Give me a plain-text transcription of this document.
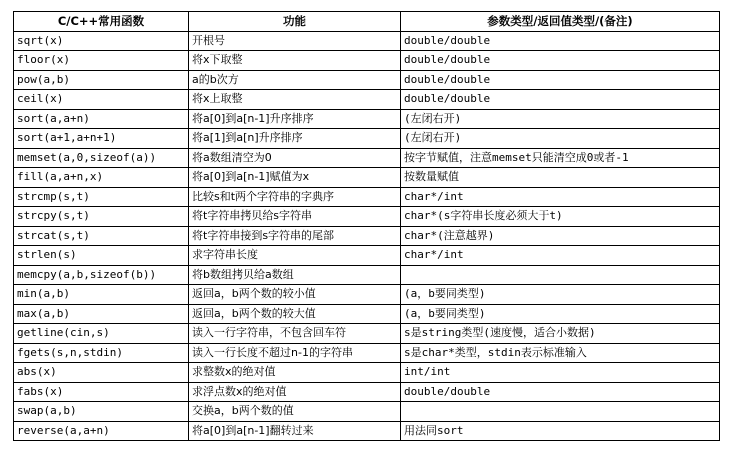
C/C++常用函数	功能	参数类型/返回值类型/(备注)
sqrt(x)	开根号	double/double
floor(x)	将x下取整	double/double
pow(a,b)	a的b次方	double/double
ceil(x)	将x上取整	double/double
sort(a,a+n)	将a[0]到a[n-1]升序排序	(左闭右开)
sort(a+1,a+n+1)	将a[1]到a[n]升序排序	(左闭右开)
memset(a,0,sizeof(a))	将a数组清空为0	按字节赋值，注意memset只能清空成0或者-1
fill(a,a+n,x)	将a[0]到a[n-1]赋值为x	按数量赋值
strcmp(s,t)	比较s和t两个字符串的字典序	char*/int
strcpy(s,t)	将t字符串拷贝给s字符串	char*(s字符串长度必须大于t)
strcat(s,t)	将t字符串接到s字符串的尾部	char*(注意越界)
strlen(s)	求字符串长度	char*/int
memcpy(a,b,sizeof(b))	将b数组拷贝给a数组	
min(a,b)	返回a，b两个数的较小值	(a，b要同类型)
max(a,b)	返回a，b两个数的较大值	(a，b要同类型)
getline(cin,s)	读入一行字符串，不包含回车符	s是string类型(速度慢，适合小数据)
fgets(s,n,stdin)	读入一行长度不超过n-1的字符串	s是char*类型，stdin表示标准输入
abs(x)	求整数x的绝对值	int/int
fabs(x)	求浮点数x的绝对值	double/double
swap(a,b)	交换a，b两个数的值	
reverse(a,a+n)	将a[0]到a[n-1]翻转过来	用法同sort
